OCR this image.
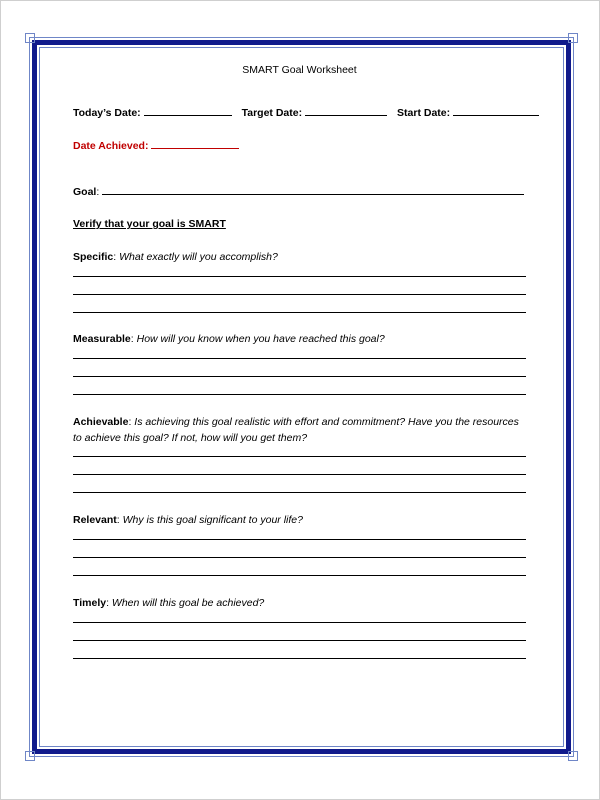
SMART Goal Worksheet
Today’s Date:	Target Date:	Start Date:
Date Achieved:
Goal:
Verify that your goal is SMART
Specific: What exactly will you accomplish?
Measurable: How will you know when you have reached this goal?
Achievable: Is achieving this goal realistic with effort and commitment? Have you the resources to achieve this goal? If not, how will you get them?
Relevant: Why is this goal significant to your life?
Timely: When will this goal be achieved?
